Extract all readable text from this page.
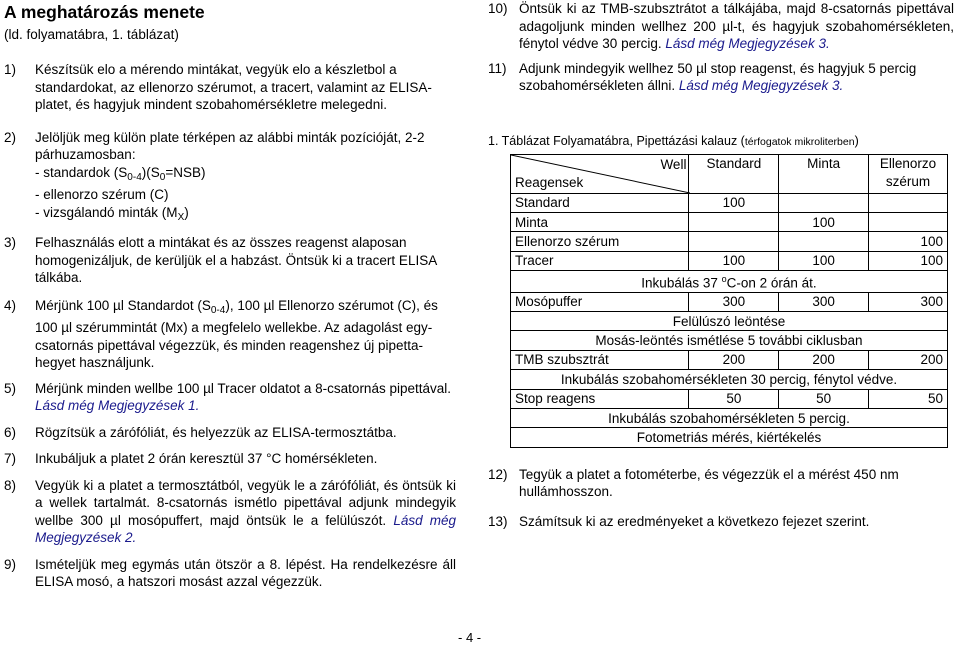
A meghatározás menete
(ld. folyamatábra, 1. táblázat)
1) Készítsük elo a mérendo mintákat, vegyük elo a készletbol a standardokat, az ellenorzo szérumot, a tracert, valamint az ELISA-platet, és hagyjuk mindent szobahomérsékletre melegedni.
2) Jelöljük meg külön plate térképen az alábbi minták pozícióját, 2-2 párhuzamosban:
- standardok $(S_{0-4})(S_0=NSB)$
- ellenorzo szérum (C)
- vizsgálandó minták $(M_X)$
3) Felhasználás elott a mintákat és az összes reagenst alaposan homogenizáljuk, de kerüljük el a habzást. Öntsük ki a tracert ELISA tálkába.
4) Mérjünk 100 µl Standardot $(S_{0-4})$, 100 µl Ellenorzo szérumot (C), és 100 µl szérummintát (Mx) a megfelelo wellekbe. Az adagolást egy-csatornás pipettával végezzük, és minden reagenshez új pipetta-hegyet használjunk.
5) Mérjünk minden wellbe 100 µl Tracer oldatot a 8-csatornás pipettával. Lásd még Megjegyzések 1.
6) Rögzítsük a zárófóliát, és helyezzük az ELISA-termosztátba.
7) Inkubáljuk a platet 2 órán keresztül 37 °C homérsékleten.
8) Vegyük ki a platet a termosztátból, vegyük le a zárófóliát, és öntsük ki a wellek tartalmát. 8-csatornás ismétlo pipettával adjunk mindegyik wellbe 300 µl mosópuffert, majd öntsük le a felülúszót. Lásd még Megjegyzések 2.
9) Ismételjük meg egymás után ötször a 8. lépést. Ha rendelkezésre áll ELISA mosó, a hatszori mosást azzal végezzük.
10) Öntsük ki az TMB-szubsztrátot a tálkájába, majd 8-csatornás pipettával adagoljunk minden wellhez 200 µl-t, és hagyjuk szobahomérsékleten, fénytol védve 30 percig. Lásd még Megjegyzések 3.
11) Adjunk mindegyik wellhez 50 µl stop reagenst, és hagyjuk 5 percig szobahomérsékleten állni. Lásd még Megjegyzések 3.
1. Táblázat Folyamatábra, Pipettázási kalauz (térfogatok mikroliterben)
Well
Reagensek	Standard	Minta	Ellenorzo
szérum
Standard	100		
Minta		100	
Ellenorzo szérum			100
Tracer	100	100	100
Inkubálás 37 $^o$C-on 2 órán át.			
Mosópuffer	300	300	300
Felülúszó leöntése			
Mosás-leöntés ismétlése 5 további ciklusban			
TMB szubsztrát	200	200	200
Inkubálás szobahomérsékleten 30 percig, fénytol védve.			
Stop reagens	50	50	50
Inkubálás szobahomérsékleten 5 percig.			
Fotometriás mérés, kiértékelés			
12) Tegyük a platet a fotométerbe, és végezzük el a mérést 450 nm hullámhosszon.
13) Számítsuk ki az eredményeket a következo fejezet szerint.
- 4 -
